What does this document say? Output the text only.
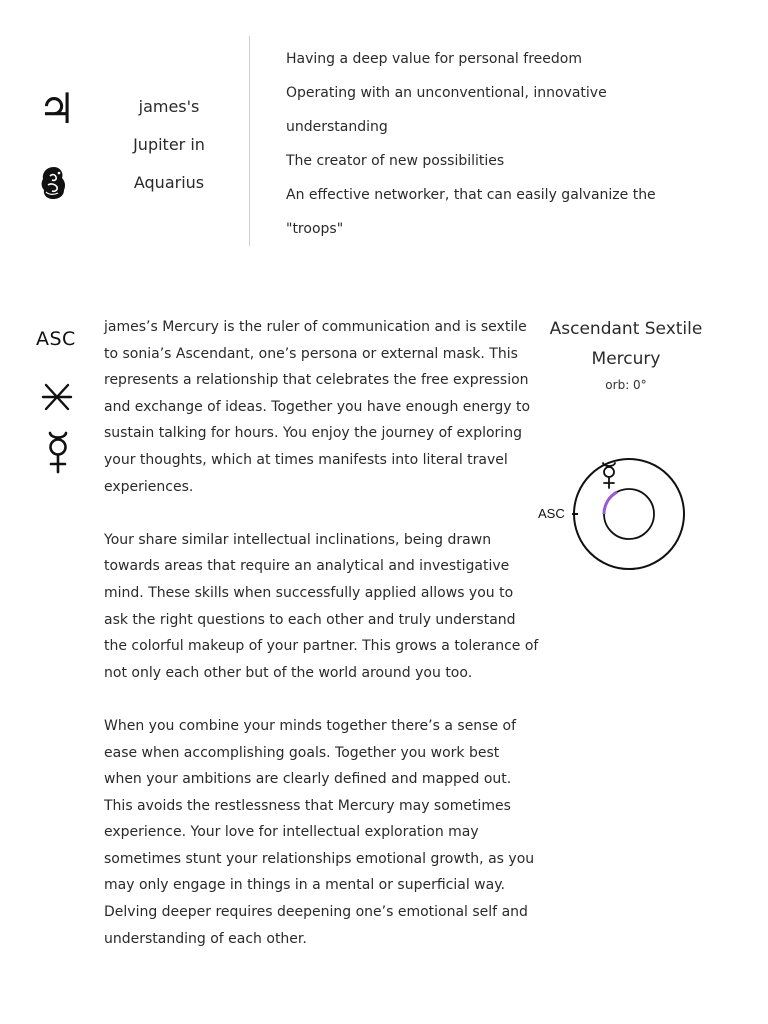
♃	james's
Jupiter in
Aquarius
Having a deep value for personal freedom
Operating with an unconventional, innovative
understanding
The creator of new possibilities
An effective networker, that can easily galvanize the
"troops"
ASC

james’s Mercury is the ruler of communication and is sextile to sonia’s Ascendant, one’s persona or external mask. This represents a relationship that celebrates the free expression and exchange of ideas. Together you have enough energy to sustain talking for hours. You enjoy the journey of exploring your thoughts, which at times manifests into literal travel experiences.

Your share similar intellectual inclinations, being drawn towards areas that require an analytical and investigative mind. These skills when successfully applied allows you to ask the right questions to each other and truly understand the colorful makeup of your partner. This grows a tolerance of not only each other but of the world around you too.

When you combine your minds together there’s a sense of ease when accomplishing goals. Together you work best when your ambitions are clearly defined and mapped out. This avoids the restlessness that Mercury may sometimes experience. Your love for intellectual exploration may sometimes stunt your relationships emotional growth, as you may only engage in things in a mental or superficial way. Delving deeper requires deepening one’s emotional self and understanding of each other.

Ascendant Sextile
Mercury
orb: 0°
ASC
